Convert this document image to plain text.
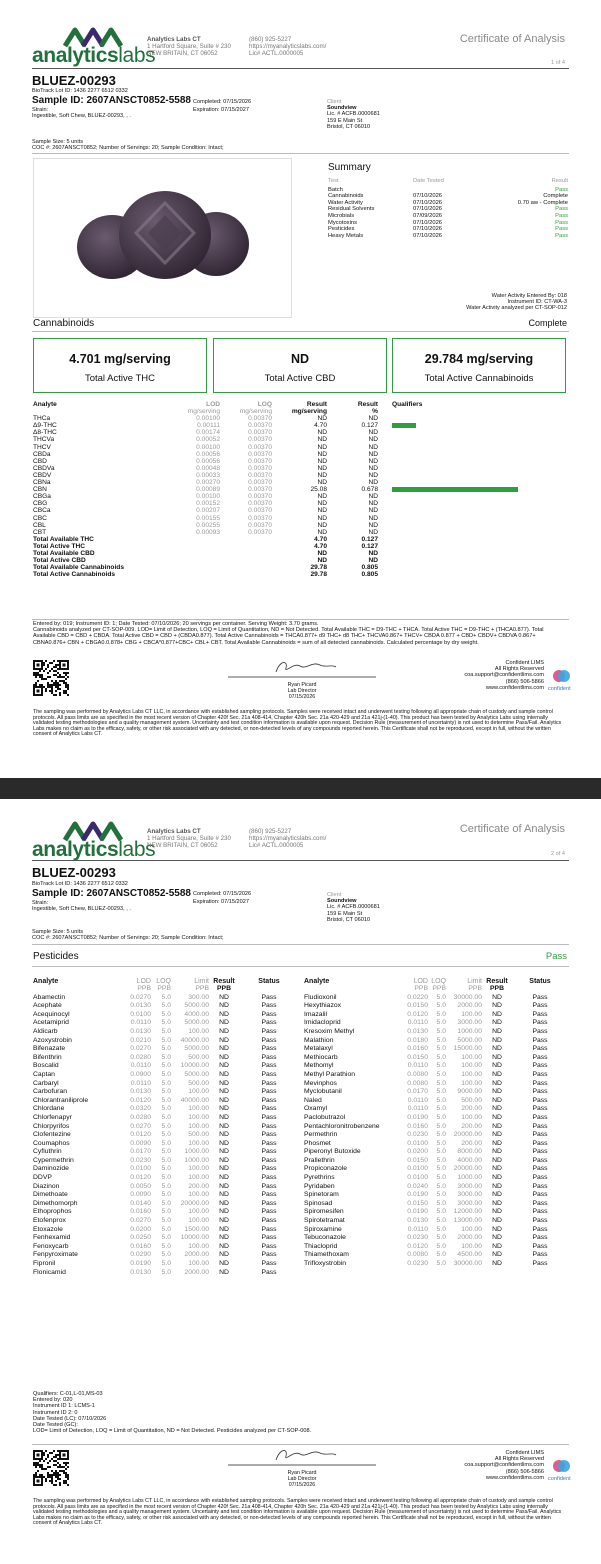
analyticslabs
Analytics Labs CT
1 Hartford Square, Suite # 230
NEW BRITAIN, CT 06052
(860) 925-5227
https://myanalyticslabs.com/
Lic# ACTL.0000005
Certificate of Analysis
1 of 4
BLUEZ-00293
BioTrack Lot ID: 1436 2277 6512 0332
Sample ID: 2607ANSCT0852-5588
Strain:
Ingestible, Soft Chew, BLUEZ-00293, , .
Completed: 07/15/2026
Expiration: 07/15/2027
Client
Soundview
Lic. # ACFB.0000681
159 E Main St
Bristol, CT 06010
Sample Size: 5 units
COC #: 2607ANSCT0852; Number of Servings: 20; Sample Condition: Intact;
Summary
Test	Date Tested	Result

Batch		Pass
Cannabinoids	07/10/2026	Complete
Water Activity	07/10/2026	0.70 aw - Complete
Residual Solvents	07/10/2026	Pass
Microbials	07/09/2026	Pass
Mycotoxins	07/10/2026	Pass
Pesticides	07/10/2026	Pass
Heavy Metals	07/10/2026	Pass
Water Activity Entered By: 018
Instrument ID: CT-WA-3
Water Activity analyzed per CT-SOP-012
Cannabinoids	Complete
4.701 mg/serving
Total Active THC
ND
Total Active CBD
29.784 mg/serving
Total Active Cannabinoids
Analyte	LOD	LOQ	Result	Result	Qualifiers
	mg/serving	mg/serving	mg/serving	%	
THCa	0.00100	0.00370	ND	ND	
Δ9-THC	0.00111	0.00370	4.70	0.127	

Δ8-THC	0.00174	0.00370	ND	ND	
THCVa	0.00052	0.00370	ND	ND	
THCV	0.00100	0.00370	ND	ND	
CBDa	0.00056	0.00370	ND	ND	
CBD	0.00056	0.00370	ND	ND	
CBDVa	0.00048	0.00370	ND	ND	
CBDV	0.00033	0.00370	ND	ND	
CBNa	0.00270	0.00370	ND	ND	
CBN	0.00089	0.00370	25.08	0.678	

CBGa	0.00100	0.00370	ND	ND	
CBG	0.00152	0.00370	ND	ND	
CBCa	0.00207	0.00370	ND	ND	
CBC	0.00155	0.00370	ND	ND	
CBL	0.00255	0.00370	ND	ND	
CBT	0.00093	0.00370	ND	ND	
Total Available THC			4.70	0.127	
Total Active THC			4.70	0.127	
Total Available CBD			ND	ND	
Total Active CBD			ND	ND	
Total Available Cannabinoids			29.78	0.805	
Total Active Cannabinoids			29.78	0.805	
Entered by: 019; Instrument ID: 1; Date Tested: 07/10/2026; 20 servings per container. Serving Weight: 3.70 grams.
Cannabinoids analyzed per CT-SOP-009. LOD= Limit of Detection, LOQ = Limit of Quantitation, ND = Not Detected. Total Available THC = D9-THC + THCA. Total Active THC = D9-THC + (THCA0.877). Total Available CBD = CBD + CBDA. Total Active CBD = CBD + (CBDA0.877). Total Active Cannabinoids = THCA0.877+ d9 THC+ d8 THC+ THCVA0.867+ THCV+ CBDA 0.877 + CBD+ CBDV+ CBDVA 0.867+ CBNA0.876+ CBN + CBGA0.0.878+ CBG + CBCA*0.877+CBC+ CBL+ CBT. Total Available Cannabinoids = sum of all detected cannabinoids. Calculated percentage by dry weight.
Ryan Picard
Lab Director
07/15/2026
Confident LIMS
All Rights Reserved
coa.support@confidentlims.com
(866) 506-5866
www.confidentlims.com confident
The sampling was performed by Analytics Labs CT LLC, in accordance with established sampling protocols. Samples were received intact and underwent testing following all appropriate chain of custody and sample control protocols. All pass limits are as specified in the most recent version of Chapter 420f Sec. 21a 408-414, Chapter 420h Sec. 21a 420-429 and 21a 421j-(1-40). This product has been tested by Analytics Labs using internally validated testing methodologies and a quality management system. Uncertainty and test condition information is available upon request. Decision Rule (measurement of uncertainty) is not used to determine Pass/Fail. Analytics Labs makes no claim as to the efficacy, safety, or other risk associated with any detected, or non-detected levels of any compounds reported herein. This Certificate shall not be reproduced, except in full, without the written consent of Analytics Labs CT.
analyticslabs
Analytics Labs CT
1 Hartford Square, Suite # 230
NEW BRITAIN, CT 06052
(860) 925-5227
https://myanalyticslabs.com/
Lic# ACTL.0000005
Certificate of Analysis
2 of 4
BLUEZ-00293
BioTrack Lot ID: 1436 2277 6512 0332
Sample ID: 2607ANSCT0852-5588
Strain:
Ingestible, Soft Chew, BLUEZ-00293, , .
Completed: 07/15/2026
Expiration: 07/15/2027
Client
Soundview
Lic. # ACFB.0000681
159 E Main St
Bristol, CT 06010
Sample Size: 5 units
COC #: 2607ANSCT0852; Number of Servings: 20; Sample Condition: Intact;
Pesticides	Pass
Analyte	LOD	LOQ	Limit	Result	Status
	PPB	PPB	PPB	PPB	
Abamectin	0.0270	5.0	300.00	ND	Pass
Acephate	0.0130	5.0	5000.00	ND	Pass
Acequinocyl	0.0100	5.0	4000.00	ND	Pass
Acetamiprid	0.0110	5.0	5000.00	ND	Pass
Aldicarb	0.0130	5.0	100.00	ND	Pass
Azoxystrobin	0.0210	5.0	40000.00	ND	Pass
Bifenazate	0.0270	5.0	5000.00	ND	Pass
Bifenthrin	0.0280	5.0	500.00	ND	Pass
Boscalid	0.0110	5.0	10000.00	ND	Pass
Captan	0.0900	5.0	5000.00	ND	Pass
Carbaryl	0.0110	5.0	500.00	ND	Pass
Carbofuran	0.0130	5.0	100.00	ND	Pass
Chlorantraniliprole	0.0120	5.0	40000.00	ND	Pass
Chlordane	0.0320	5.0	100.00	ND	Pass
Chlorfenapyr	0.0280	5.0	100.00	ND	Pass
Chlorpyrifos	0.0270	5.0	100.00	ND	Pass
Clofentezine	0.0120	5.0	500.00	ND	Pass
Coumaphos	0.0090	5.0	100.00	ND	Pass
Cyfluthrin	0.0170	5.0	1000.00	ND	Pass
Cypermethrin	0.0230	5.0	1000.00	ND	Pass
Daminozide	0.0100	5.0	100.00	ND	Pass
DDVP	0.0120	5.0	100.00	ND	Pass
Diazinon	0.0050	5.0	200.00	ND	Pass
Dimethoate	0.0090	5.0	100.00	ND	Pass
Dimethomorph	0.0140	5.0	20000.00	ND	Pass
Ethoprophos	0.0160	5.0	100.00	ND	Pass
Etofenprox	0.0270	5.0	100.00	ND	Pass
Etoxazole	0.0200	5.0	1500.00	ND	Pass
Fenhexamid	0.0250	5.0	10000.00	ND	Pass
Fenoxycarb	0.0160	5.0	100.00	ND	Pass
Fenpyroximate	0.0290	5.0	2000.00	ND	Pass
Fipronil	0.0190	5.0	100.00	ND	Pass
Flonicamid	0.0130	5.0	2000.00	ND	Pass
Analyte	LOD	LOQ	Limit	Result	Status
	PPB	PPB	PPB	PPB	
Fludioxonil	0.0220	5.0	30000.00	ND	Pass
Hexythiazox	0.0150	5.0	2000.00	ND	Pass
Imazalil	0.0120	5.0	100.00	ND	Pass
Imidacloprid	0.0110	5.0	3000.00	ND	Pass
Kresoxim Methyl	0.0130	5.0	1000.00	ND	Pass
Malathion	0.0180	5.0	5000.00	ND	Pass
Metalaxyl	0.0160	5.0	15000.00	ND	Pass
Methiocarb	0.0150	5.0	100.00	ND	Pass
Methomyl	0.0110	5.0	100.00	ND	Pass
Methyl Parathion	0.0080	5.0	100.00	ND	Pass
Mevinphos	0.0080	5.0	100.00	ND	Pass
Myclobutanil	0.0170	5.0	9000.00	ND	Pass
Naled	0.0110	5.0	500.00	ND	Pass
Oxamyl	0.0110	5.0	200.00	ND	Pass
Paclobutrazol	0.0190	5.0	100.00	ND	Pass
Pentachloronitrobenzene	0.0160	5.0	200.00	ND	Pass
Permethrin	0.0230	5.0	20000.00	ND	Pass
Phosmet	0.0100	5.0	200.00	ND	Pass
Piperonyl Butoxide	0.0200	5.0	8000.00	ND	Pass
Prallethrin	0.0150	5.0	4000.00	ND	Pass
Propiconazole	0.0100	5.0	20000.00	ND	Pass
Pyrethrins	0.0100	5.0	1000.00	ND	Pass
Pyridaben	0.0240	5.0	3000.00	ND	Pass
Spinetoram	0.0190	5.0	3000.00	ND	Pass
Spinosad	0.0150	5.0	3000.00	ND	Pass
Spiromesifen	0.0190	5.0	12000.00	ND	Pass
Spirotetramat	0.0130	5.0	13000.00	ND	Pass
Spiroxamine	0.0110	5.0	100.00	ND	Pass
Tebuconazole	0.0230	5.0	2000.00	ND	Pass
Thiacloprid	0.0120	5.0	100.00	ND	Pass
Thiamethoxam	0.0080	5.0	4500.00	ND	Pass
Trifloxystrobin	0.0230	5.0	30000.00	ND	Pass
Qualifiers: C-01,L-01,MS-03
Entered by: 020
Instrument ID 1: LCMS-1
Instrument ID 2: 0
Date Tested (LC): 07/10/2026
Date Tested (GC):
LOD= Limit of Detection, LOQ = Limit of Quantitation, ND = Not Detected. Pesticides analyzed per CT-SOP-008.
Ryan Picard
Lab Director
07/15/2026
Confident LIMS
All Rights Reserved
coa.support@confidentlims.com
(866) 506-5866
www.confidentlims.com confident
The sampling was performed by Analytics Labs CT LLC, in accordance with established sampling protocols. Samples were received intact and underwent testing following all appropriate chain of custody and sample control protocols. All pass limits are as specified in the most recent version of Chapter 420f Sec. 21a 408-414, Chapter 420h Sec. 21a 420-429 and 21a 421j-(1-40). This product has been tested by Analytics Labs using internally validated testing methodologies and a quality management system. Uncertainty and test condition information is available upon request. Decision Rule (measurement of uncertainty) is not used to determine Pass/Fail. Analytics Labs makes no claim as to the efficacy, safety, or other risk associated with any detected, or non-detected levels of any compounds reported herein. This Certificate shall not be reproduced, except in full, without the written consent of Analytics Labs CT.
